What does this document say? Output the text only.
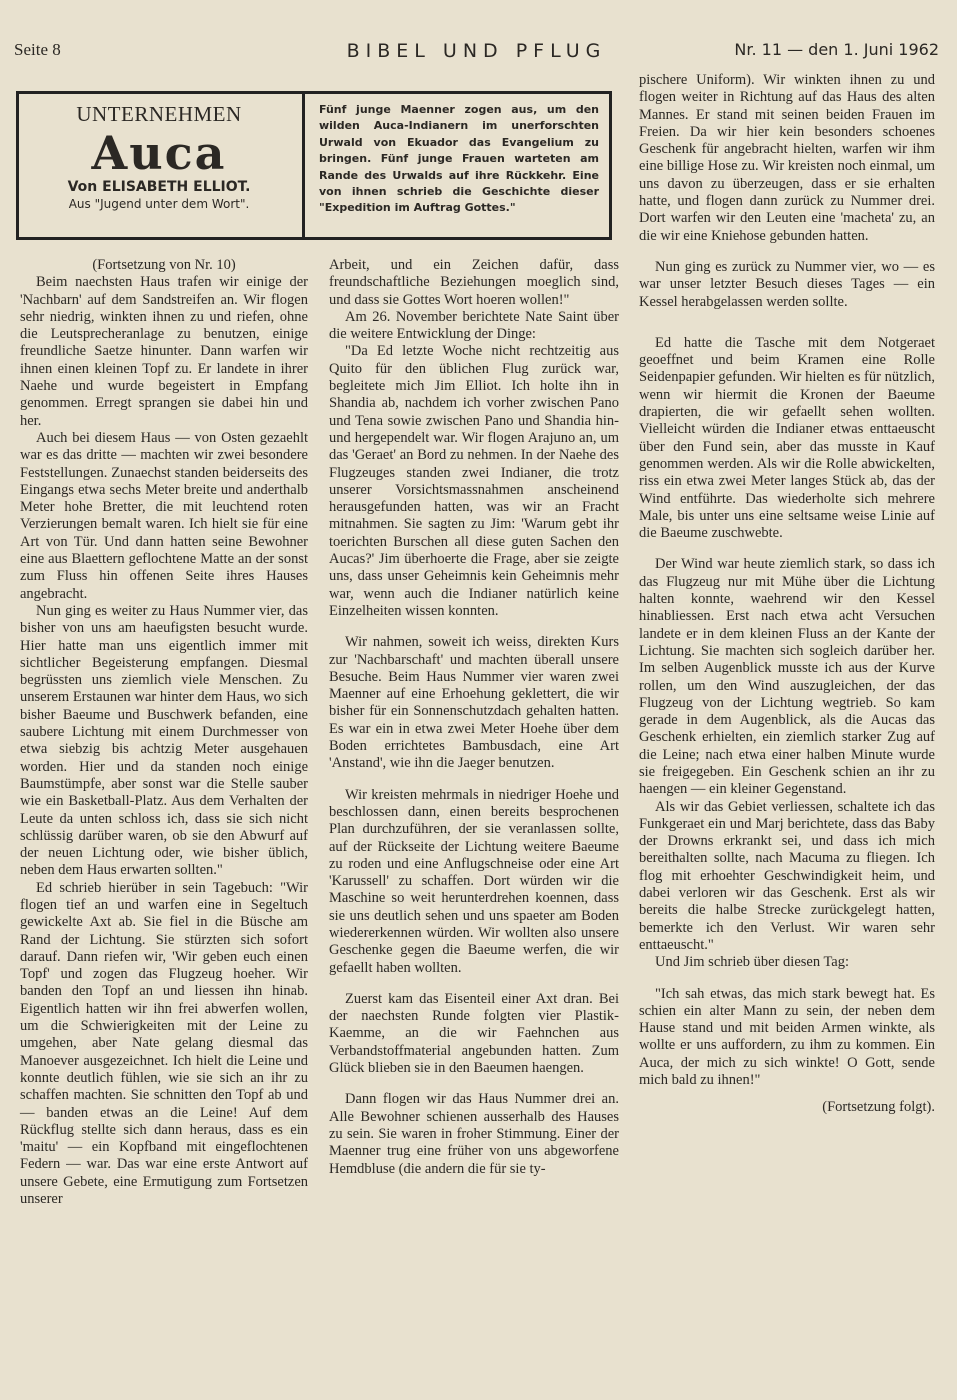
Seite 8	BIBEL UND PFLUG	Nr. 11 — den 1. Juni 1962
UNTERNEHMEN
Auca
Von ELISABETH ELLIOT.
Aus "Jugend unter dem Wort".
Fünf junge Maenner zogen aus, um den wilden Auca-Indianern im unerforschten Urwald von Ekuador das Evangelium zu bringen. Fünf junge Frauen warteten am Rande des Urwalds auf ihre Rückkehr. Eine von ihnen schrieb die Geschichte dieser "Expedition im Auftrag Gottes."

(Fortsetzung von Nr. 10)

Beim naechsten Haus trafen wir einige der 'Nachbarn' auf dem Sandstreifen an. Wir flogen sehr niedrig, winkten ihnen zu und riefen, ohne die Leutsprecheranlage zu benutzen, einige freundliche Saetze hinunter. Dann warfen wir ihnen einen kleinen Topf zu. Er landete in ihrer Naehe und wurde begeistert in Empfang genommen. Erregt sprangen sie dabei hin und her.

Auch bei diesem Haus — von Osten gezaehlt war es das dritte — machten wir zwei besondere Feststellungen. Zunaechst standen beiderseits des Eingangs etwa sechs Meter breite und anderthalb Meter hohe Bretter, die mit leuchtend roten Verzierungen bemalt waren. Ich hielt sie für eine Art von Tür. Und dann hatten seine Bewohner eine aus Blaettern geflochtene Matte an der sonst zum Fluss hin offenen Seite ihres Hauses angebracht.

Nun ging es weiter zu Haus Nummer vier, das bisher von uns am haeufigsten besucht wurde. Hier hatte man uns eigentlich immer mit sichtlicher Begeisterung empfangen. Diesmal begrüssten uns ziemlich viele Menschen. Zu unserem Erstaunen war hinter dem Haus, wo sich bisher Baeume und Buschwerk befanden, eine saubere Lichtung mit einem Durchmesser von etwa siebzig bis achtzig Meter ausgehauen worden. Hier und da standen noch einige Baumstümpfe, aber sonst war die Stelle sauber wie ein Basketball-Platz. Aus dem Verhalten der Leute da unten schloss ich, dass sie sich nicht schlüssig darüber waren, ob sie den Abwurf auf der neuen Lichtung oder, wie bisher üblich, neben dem Haus erwarten sollten."

Ed schrieb hierüber in sein Tagebuch: "Wir flogen tief an und warfen eine in Segeltuch gewickelte Axt ab. Sie fiel in die Büsche am Rand der Lichtung. Sie stürzten sich sofort darauf. Dann riefen wir, 'Wir geben euch einen Topf' und zogen das Flugzeug hoeher. Wir banden den Topf an und liessen ihn hinab. Eigentlich hatten wir ihn frei abwerfen wollen, um die Schwierigkeiten mit der Leine zu umgehen, aber Nate gelang diesmal das Manoever ausgezeichnet. Ich hielt die Leine und konnte deutlich fühlen, wie sie sich an ihr zu schaffen machten. Sie schnitten den Topf ab und — banden etwas an die Leine! Auf dem Rückflug stellte sich dann heraus, dass es ein 'maitu' — ein Kopfband mit eingeflochtenen Federn — war. Das war eine erste Antwort auf unsere Gebete, eine Ermutigung zum Fortsetzen unserer

Arbeit, und ein Zeichen dafür, dass freundschaftliche Beziehungen moeglich sind, und dass sie Gottes Wort hoeren wollen!"

Am 26. November berichtete Nate Saint über die weitere Entwicklung der Dinge:

"Da Ed letzte Woche nicht rechtzeitig aus Quito für den üblichen Flug zurück war, begleitete mich Jim Elliot. Ich holte ihn in Shandia ab, nachdem ich vorher zwischen Pano und Tena sowie zwischen Pano und Shandia hin- und hergependelt war. Wir flogen Arajuno an, um das 'Geraet' an Bord zu nehmen. In der Naehe des Flugzeuges standen zwei Indianer, die trotz unserer Vorsichtsmassnahmen anscheinend herausgefunden hatten, was wir an Fracht mitnahmen. Sie sagten zu Jim: 'Warum gebt ihr toerichten Burschen all diese guten Sachen den Aucas?' Jim überhoerte die Frage, aber sie zeigte uns, dass unser Geheimnis kein Geheimnis mehr war, wenn auch die Indianer natürlich keine Einzelheiten wissen konnten.

Wir nahmen, soweit ich weiss, direkten Kurs zur 'Nachbarschaft' und machten überall unsere Besuche. Beim Haus Nummer vier waren zwei Maenner auf eine Erhoehung geklettert, die wir bisher für ein Sonnenschutzdach gehalten hatten. Es war ein in etwa zwei Meter Hoehe über dem Boden errichtetes Bambusdach, eine Art 'Anstand', wie ihn die Jaeger benutzen.

Wir kreisten mehrmals in niedriger Hoehe und beschlossen dann, einen bereits besprochenen Plan durchzuführen, der sie veranlassen sollte, auf der Rückseite der Lichtung weitere Baeume zu roden und eine Anflugschneise oder eine Art 'Karussell' zu schaffen. Dort würden wir die Maschine so weit herunterdrehen koennen, dass sie uns deutlich sehen und uns spaeter am Boden wiedererkennen würden. Wir wollten also unsere Geschenke gegen die Baeume werfen, die wir gefaellt haben wollten.

Zuerst kam das Eisenteil einer Axt dran. Bei der naechsten Runde folgten vier Plastik-Kaemme, an die wir Faehnchen aus Verbandstoffmaterial angebunden hatten. Zum Glück blieben sie in den Baeumen haengen.

Dann flogen wir das Haus Nummer drei an. Alle Bewohner schienen ausserhalb des Hauses zu sein. Sie waren in froher Stimmung. Einer der Maenner trug eine früher von uns abgeworfene Hemdbluse (die andern die für sie ty-

pischere Uniform). Wir winkten ihnen zu und flogen weiter in Richtung auf das Haus des alten Mannes. Er stand mit seinen beiden Frauen im Freien. Da wir hier kein besonders schoenes Geschenk für angebracht hielten, warfen wir ihm eine billige Hose zu. Wir kreisten noch einmal, um uns davon zu überzeugen, dass er sie erhalten hatte, und flogen dann zurück zu Nummer drei. Dort warfen wir den Leuten eine 'macheta' zu, an die wir eine Kniehose gebunden hatten.

Nun ging es zurück zu Nummer vier, wo — es war unser letzter Besuch dieses Tages — ein Kessel herabgelassen werden sollte.

Ed hatte die Tasche mit dem Notgeraet geoeffnet und beim Kramen eine Rolle Seidenpapier gefunden. Wir hielten es für nützlich, wenn wir hiermit die Kronen der Baeume drapierten, die wir gefaellt sehen wollten. Vielleicht würden die Indianer etwas enttaeuscht über den Fund sein, aber das musste in Kauf genommen werden. Als wir die Rolle abwickelten, riss ein etwa zwei Meter langes Stück ab, das der Wind entführte. Das wiederholte sich mehrere Male, bis unter uns eine seltsame weise Linie auf die Baeume zuschwebte.

Der Wind war heute ziemlich stark, so dass ich das Flugzeug nur mit Mühe über die Lichtung halten konnte, waehrend wir den Kessel hinabliessen. Erst nach etwa acht Versuchen landete er in dem kleinen Fluss an der Kante der Lichtung. Sie machten sich sogleich darüber her. Im selben Augenblick musste ich aus der Kurve rollen, um den Wind auszugleichen, der das Flugzeug von der Lichtung wegtrieb. So kam gerade in dem Augenblick, als die Aucas das Geschenk erhielten, ein ziemlich starker Zug auf die Leine; nach etwa einer halben Minute wurde sie freigegeben. Ein Geschenk schien an ihr zu haengen — ein kleiner Gegenstand.

Als wir das Gebiet verliessen, schaltete ich das Funkgeraet ein und Marj berichtete, dass das Baby der Drowns erkrankt sei, und dass ich mich bereithalten sollte, nach Macuma zu fliegen. Ich flog mit erhoehter Geschwindigkeit heim, und dabei verloren wir das Geschenk. Erst als wir bereits die halbe Strecke zurückgelegt hatten, bemerkte ich den Verlust. Wir waren sehr enttaeuscht."

Und Jim schrieb über diesen Tag:

"Ich sah etwas, das mich stark bewegt hat. Es schien ein alter Mann zu sein, der neben dem Hause stand und mit beiden Armen winkte, als wollte er uns auffordern, zu ihm zu kommen. Ein Auca, der mich zu sich winkte! O Gott, sende mich bald zu ihnen!"

(Fortsetzung folgt).
